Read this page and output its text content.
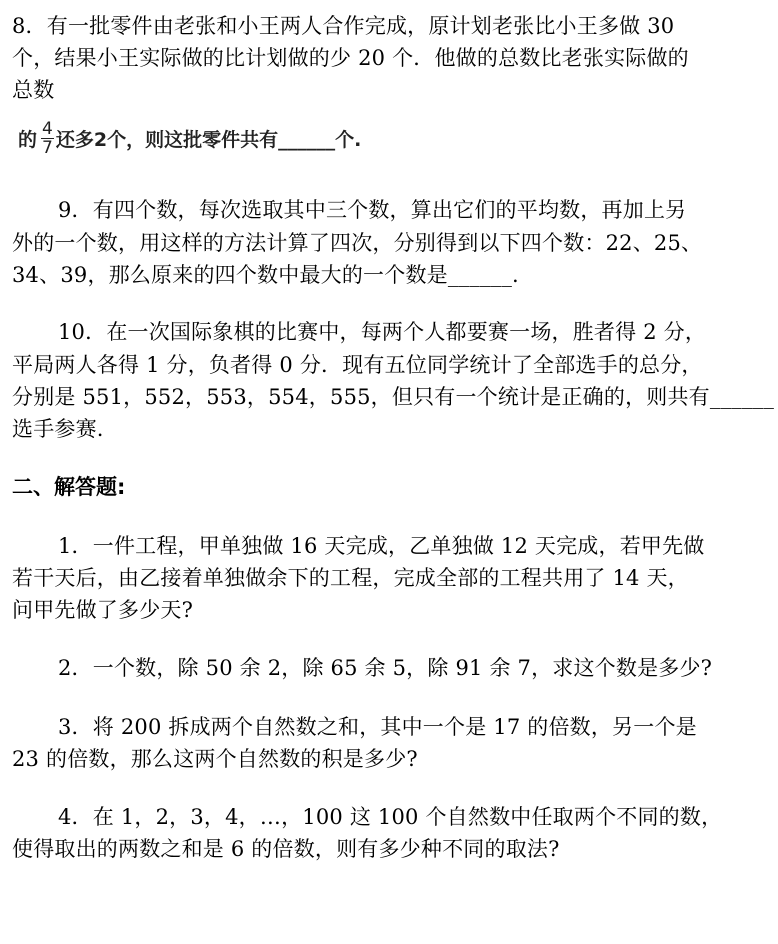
8．有一批零件由老张和小王两人合作完成，原计划老张比小王多做 30
个，结果小王实际做的比计划做的少 20 个．他做的总数比老张实际做的
总数
的 $\frac{4}{7}$ 还多2个，则这批零件共有______个.
9．有四个数，每次选取其中三个数，算出它们的平均数，再加上另
外的一个数，用这样的方法计算了四次，分别得到以下四个数：22、25、
34、39，那么原来的四个数中最大的一个数是______.
10．在一次国际象棋的比赛中，每两个人都要赛一场，胜者得 2 分，
平局两人各得 1 分，负者得 0 分．现有五位同学统计了全部选手的总分，
分别是 551，552，553，554，555，但只有一个统计是正确的，则共有______
选手参赛.
二、解答题:
1．一件工程，甲单独做 16 天完成，乙单独做 12 天完成，若甲先做
若干天后，由乙接着单独做余下的工程，完成全部的工程共用了 14 天，
问甲先做了多少天?
2．一个数，除 50 余 2，除 65 余 5，除 91 余 7，求这个数是多少?
3．将 200 拆成两个自然数之和，其中一个是 17 的倍数，另一个是
23 的倍数，那么这两个自然数的积是多少?
4．在 1，2，3，4，…，100 这 100 个自然数中任取两个不同的数，
使得取出的两数之和是 6 的倍数，则有多少种不同的取法?
